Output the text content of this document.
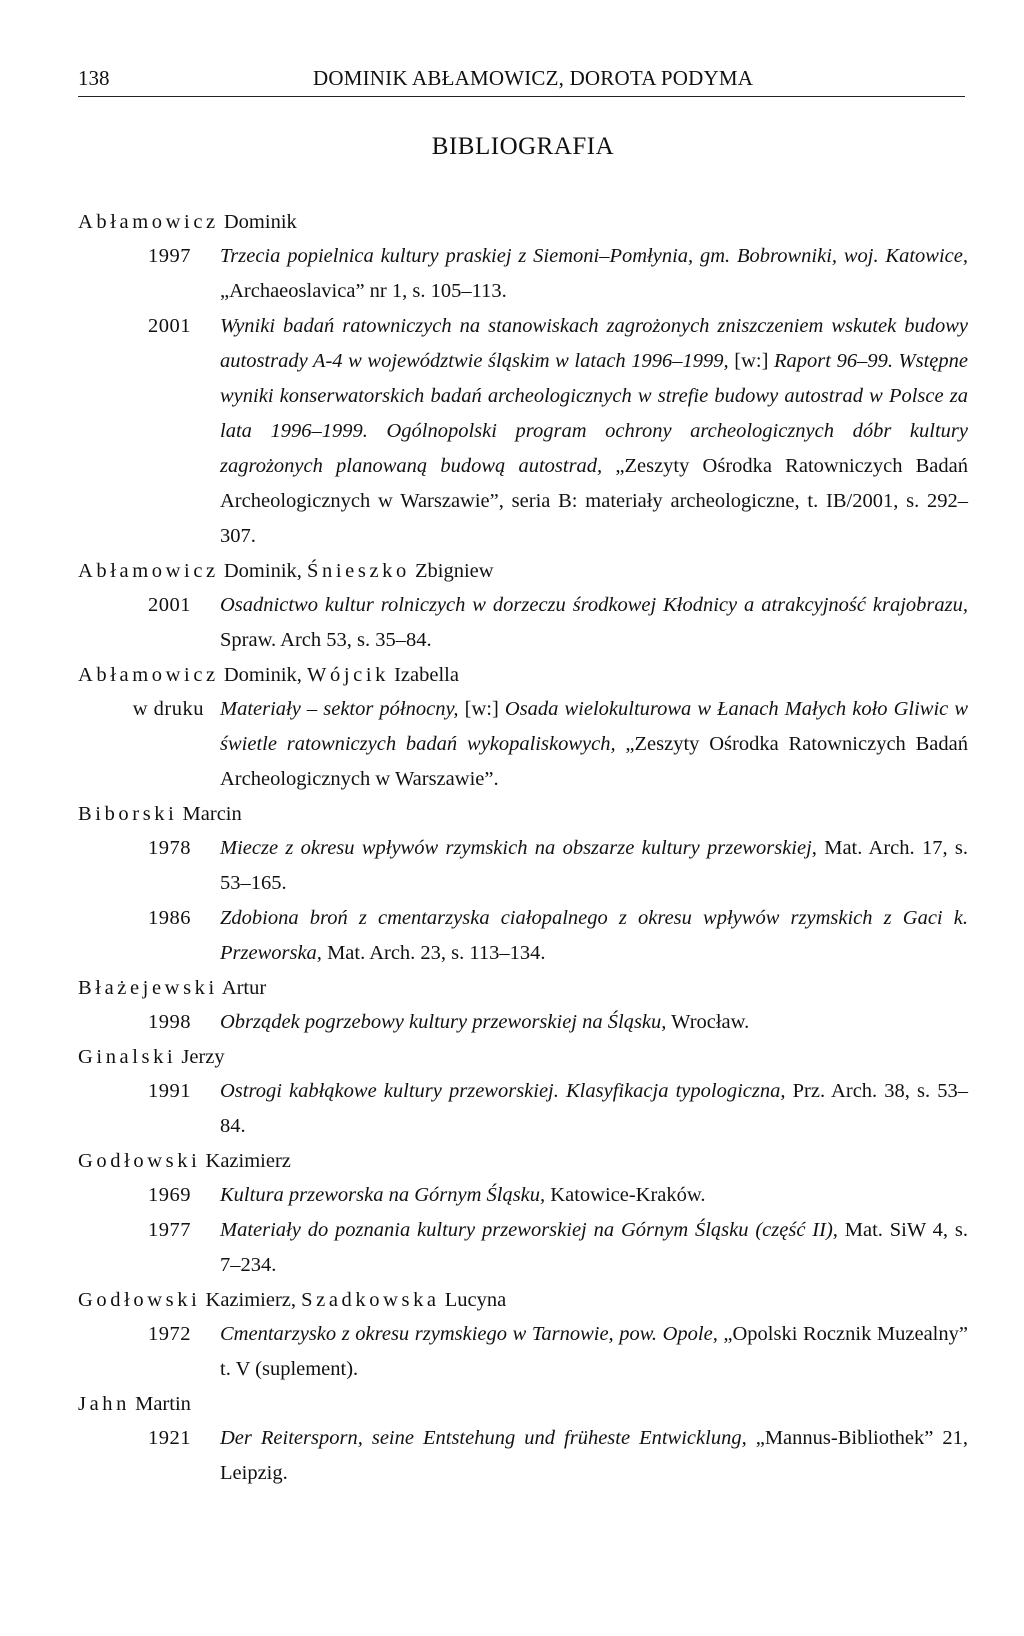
138	DOMINIK ABŁAMOWICZ, DOROTA PODYMA
BIBLIOGRAFIA
Abłamowicz Dominik
1997	Trzecia popielnica kultury praskiej z Siemoni–Pomłynia, gm. Bobrowniki, woj. Katowice, „Archaeoslavica” nr 1, s. 105–113.
2001	Wyniki badań ratowniczych na stanowiskach zagrożonych zniszczeniem wskutek budowy autostrady A-4 w województwie śląskim w latach 1996–1999, [w:] Raport 96–99. Wstępne wyniki konserwatorskich badań archeologicznych w strefie budowy autostrad w Polsce za lata 1996–1999. Ogólnopolski program ochrony archeologicznych dóbr kultury zagrożonych planowaną budową autostrad, „Zeszyty Ośrodka Ratowniczych Badań Archeologicznych w Warszawie”, seria B: materiały archeologiczne, t. IB/2001, s. 292–307.
Abłamowicz Dominik, Śnieszko Zbigniew
2001	Osadnictwo kultur rolniczych w dorzeczu środkowej Kłodnicy a atrakcyjność krajobrazu, Spraw. Arch 53, s. 35–84.
Abłamowicz Dominik, Wójcik Izabella
w druku Materiały – sektor północny, [w:] Osada wielokulturowa w Łanach Małych koło Gliwic w świetle ratowniczych badań wykopaliskowych, „Zeszyty Ośrodka Ratowniczych Badań Archeologicznych w Warszawie”.
Biborski Marcin
1978	Miecze z okresu wpływów rzymskich na obszarze kultury przeworskiej, Mat. Arch. 17, s. 53–165.
1986	Zdobiona broń z cmentarzyska ciałopalnego z okresu wpływów rzymskich z Gaci k. Przeworska, Mat. Arch. 23, s. 113–134.
Błażejewski Artur
1998	Obrządek pogrzebowy kultury przeworskiej na Śląsku, Wrocław.
Ginalski Jerzy
1991	Ostrogi kabłąkowe kultury przeworskiej. Klasyfikacja typologiczna, Prz. Arch. 38, s. 53–84.
Godłowski Kazimierz
1969	Kultura przeworska na Górnym Śląsku, Katowice-Kraków.
1977	Materiały do poznania kultury przeworskiej na Górnym Śląsku (część II), Mat. SiW 4, s. 7–234.
Godłowski Kazimierz, Szadkowska Lucyna
1972	Cmentarzysko z okresu rzymskiego w Tarnowie, pow. Opole, „Opolski Rocznik Muzealny” t. V (suplement).
Jahn Martin
1921	Der Reitersporn, seine Entstehung und früheste Entwicklung, „Mannus-Bibliothek” 21, Leipzig.
